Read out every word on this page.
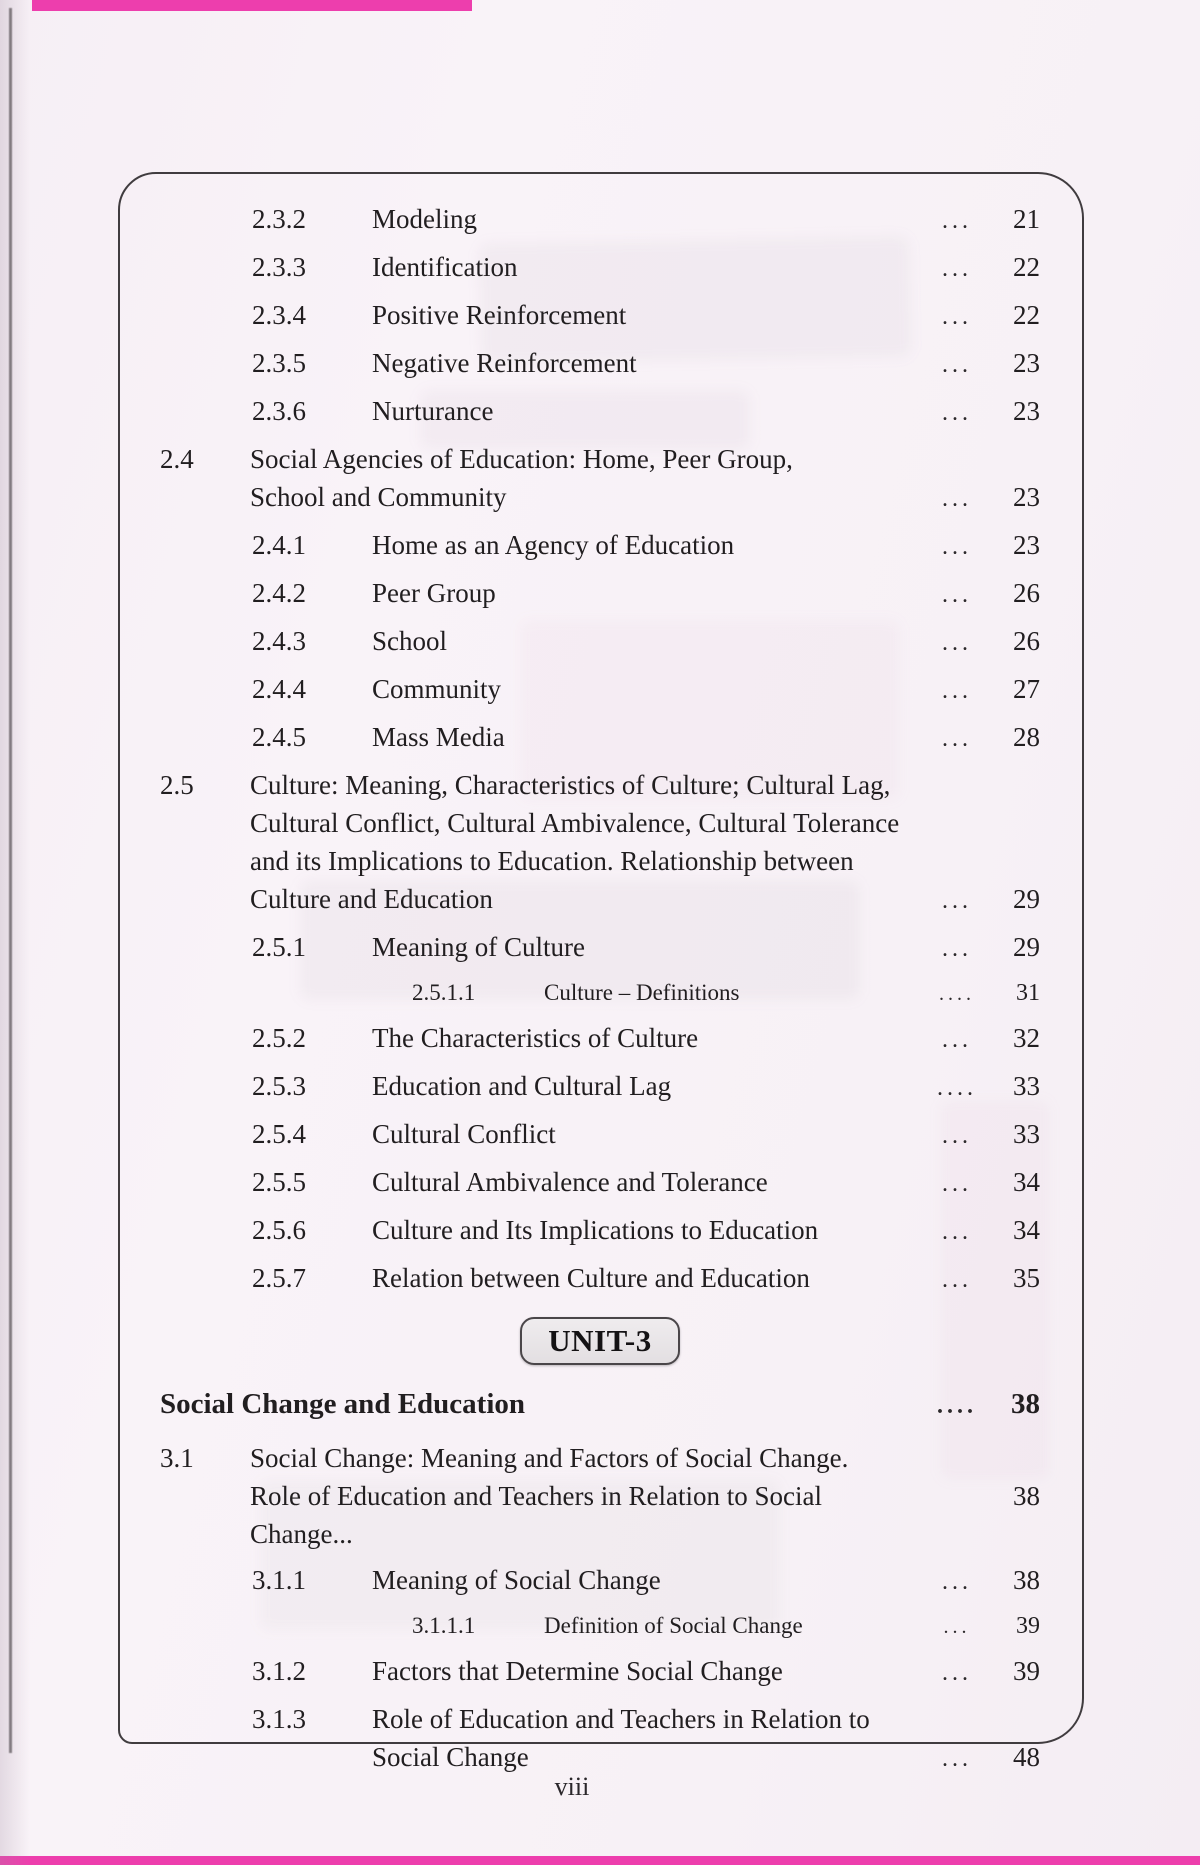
2.3.2	Modeling	...	21
2.3.3	Identification	...	22
2.3.4	Positive Reinforcement	...	22
2.3.5	Negative Reinforcement	...	23
2.3.6	Nurturance	...	23
2.4	Social Agencies of Education: Home, Peer Group,
School and Community	...	23
2.4.1	Home as an Agency of Education	...	23
2.4.2	Peer Group	...	26
2.4.3	School	...	26
2.4.4	Community	...	27
2.4.5	Mass Media	...	28
2.5	Culture: Meaning, Characteristics of Culture; Cultural Lag,
Cultural Conflict, Cultural Ambivalence, Cultural Tolerance
and its Implications to Education. Relationship between
Culture and Education	...	29
2.5.1	Meaning of Culture	...	29
2.5.1.1	Culture – Definitions	....	31
2.5.2	The Characteristics of Culture	...	32
2.5.3	Education and Cultural Lag	....	33
2.5.4	Cultural Conflict	...	33
2.5.5	Cultural Ambivalence and Tolerance	...	34
2.5.6	Culture and Its Implications to Education	...	34
2.5.7	Relation between Culture and Education	...	35
UNIT-3
Social Change and Education	....	38
3.1	Social Change: Meaning and Factors of Social Change.
Role of Education and Teachers in Relation to Social Change...
38
3.1.1	Meaning of Social Change	...	38
3.1.1.1	Definition of Social Change	...	39
3.1.2	Factors that Determine Social Change	...	39
3.1.3	Role of Education and Teachers in Relation to
Social Change	...	48
viii
